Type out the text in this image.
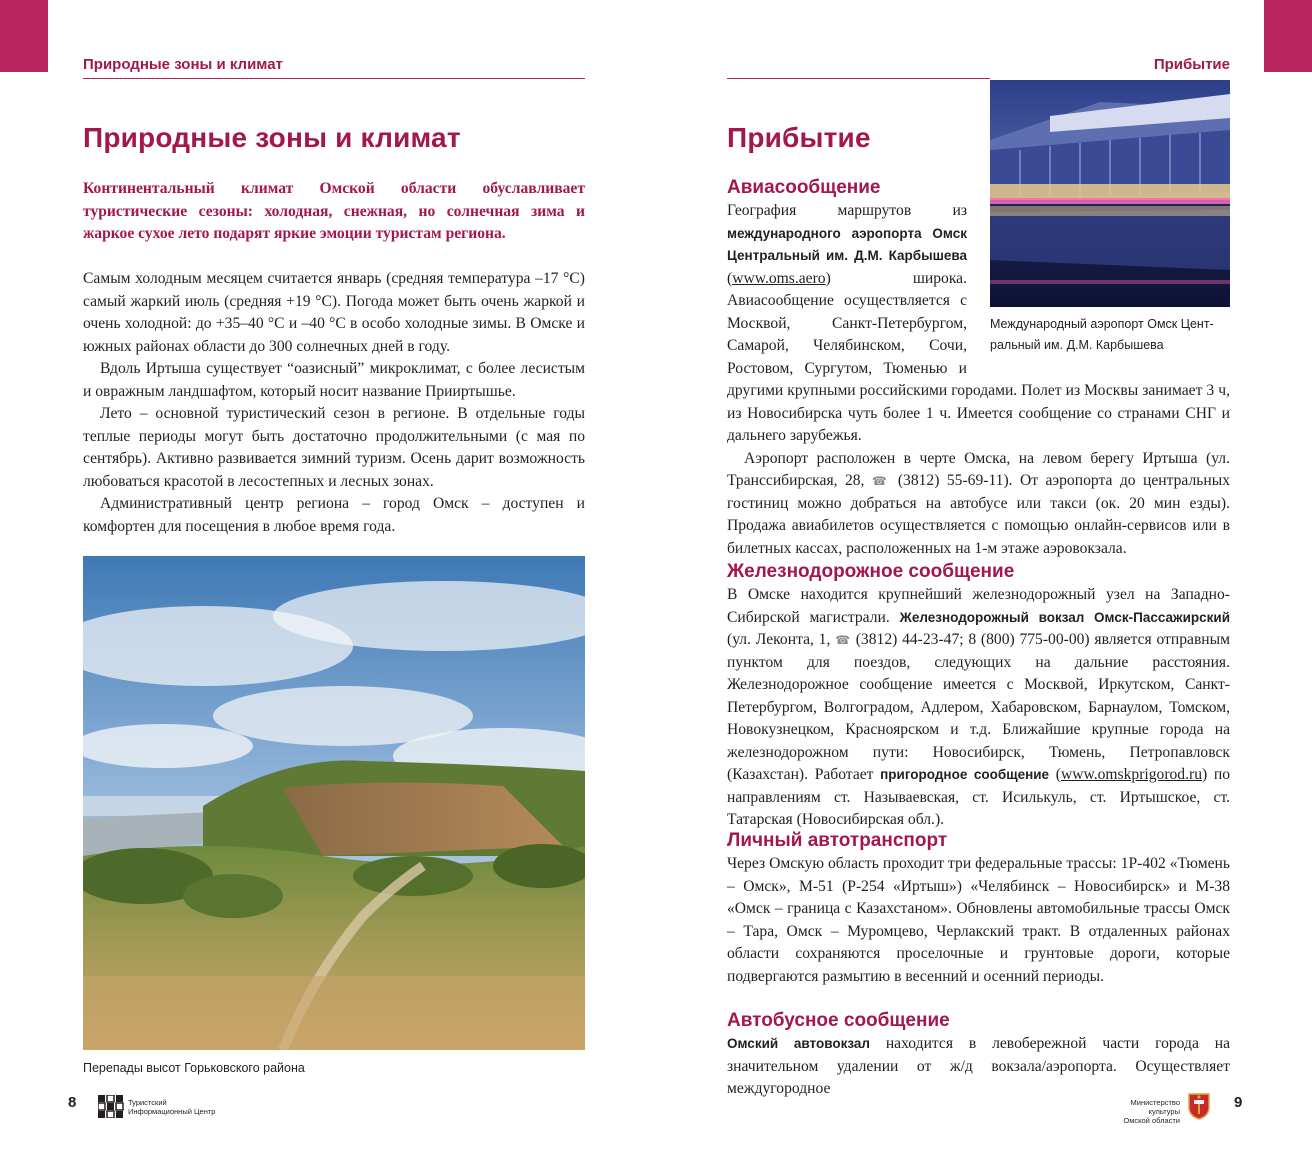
Природные зоны и климат
Природные зоны и климат

Континентальный климат Омской области обуславливает туристические сезоны: холодная, снежная, но солнечная зима и жаркое сухое лето подарят яркие эмоции туристам региона.

Самым холодным месяцем считается январь (средняя температура –17 °С) самый жаркий июль (средняя +19 °С). Погода может быть очень жаркой и очень холодной: до +35–40 °С и –40 °С в особо холодные зимы. В Омске и южных районах области до 300 солнечных дней в году.

Вдоль Иртыша существует “оазисный” микроклимат, с более лесистым и овражным ландшафтом, который носит название Прииртышье.

Лето – основной туристический сезон в регионе. В отдельные годы теплые периоды могут быть достаточно продолжительными (с мая по сентябрь). Активно развивается зимний туризм. Осень дарит возможность любоваться красотой в лесостепных и лесных зонах.

Административный центр региона – город Омск – доступен и комфортен для посещения в любое время года.

Перепады высот Горьковского района
8	Туристский
Информационный Центр
Прибытие
Прибытие
Международный аэропорт Омск Цент-
ральный им. Д.М. Карбышева
Авиасообщение

География маршрутов из международного аэропорта Омск Центральный им. Д.М. Карбышева (www.oms.aero) широка. Авиасообщение осуществляется с Москвой, Санкт-Петербургом, Самарой, Челябинском, Сочи, Ростовом, Сургутом, Тюменью и другими крупными российскими городами. Полет из Москвы занимает 3 ч, из Новосибирска чуть более 1 ч. Имеется сообщение со странами СНГ и дальнего зарубежья.

Аэропорт расположен в черте Омска, на левом берегу Иртыша (ул. Транссибирская, 28, ☎ (3812) 55-69-11). От аэропорта до центральных гостиниц можно добраться на автобусе или такси (ок. 20 мин езды). Продажа авиабилетов осуществляется с помощью онлайн-сервисов или в билетных кассах, расположенных на 1-м этаже аэровокзала.

Железнодорожное сообщение

В Омске находится крупнейший железнодорожный узел на Западно-Сибирской магистрали. Железнодорожный вокзал Омск-Пассажирский (ул. Леконта, 1, ☎ (3812) 44-23-47; 8 (800) 775-00-00) является отправным пунктом для поездов, следующих на дальние расстояния. Железнодорожное сообщение имеется с Москвой, Иркутском, Санкт-Петербургом, Волгоградом, Адлером, Хабаровском, Барнаулом, Томском, Новокузнецком, Красноярском и т.д. Ближайшие крупные города на железнодорожном пути: Новосибирск, Тюмень, Петропавловск (Казахстан). Работает пригородное сообщение (www.omskprigorod.ru) по направлениям ст. Называевская, ст. Исилькуль, ст. Иртышское, ст. Татарская (Новосибирская обл.).

Личный автотранспорт

Через Омскую область проходит три федеральные трассы: 1Р-402 «Тюмень – Омск», М-51 (Р-254 «Иртыш») «Челябинск – Новосибирск» и М-38 «Омск – граница с Казахстаном». Обновлены автомобильные трассы Омск – Тара, Омск – Муромцево, Черлакский тракт. В отдаленных районах области сохраняются проселочные и грунтовые дороги, которые подвергаются размытию в весенний и осенний периоды.

Автобусное сообщение

Омский автовокзал находится в левобережной части города на значительном удалении от ж/д вокзала/аэропорта. Осуществляет междугородное

Министерство культуры
Омской области
9
